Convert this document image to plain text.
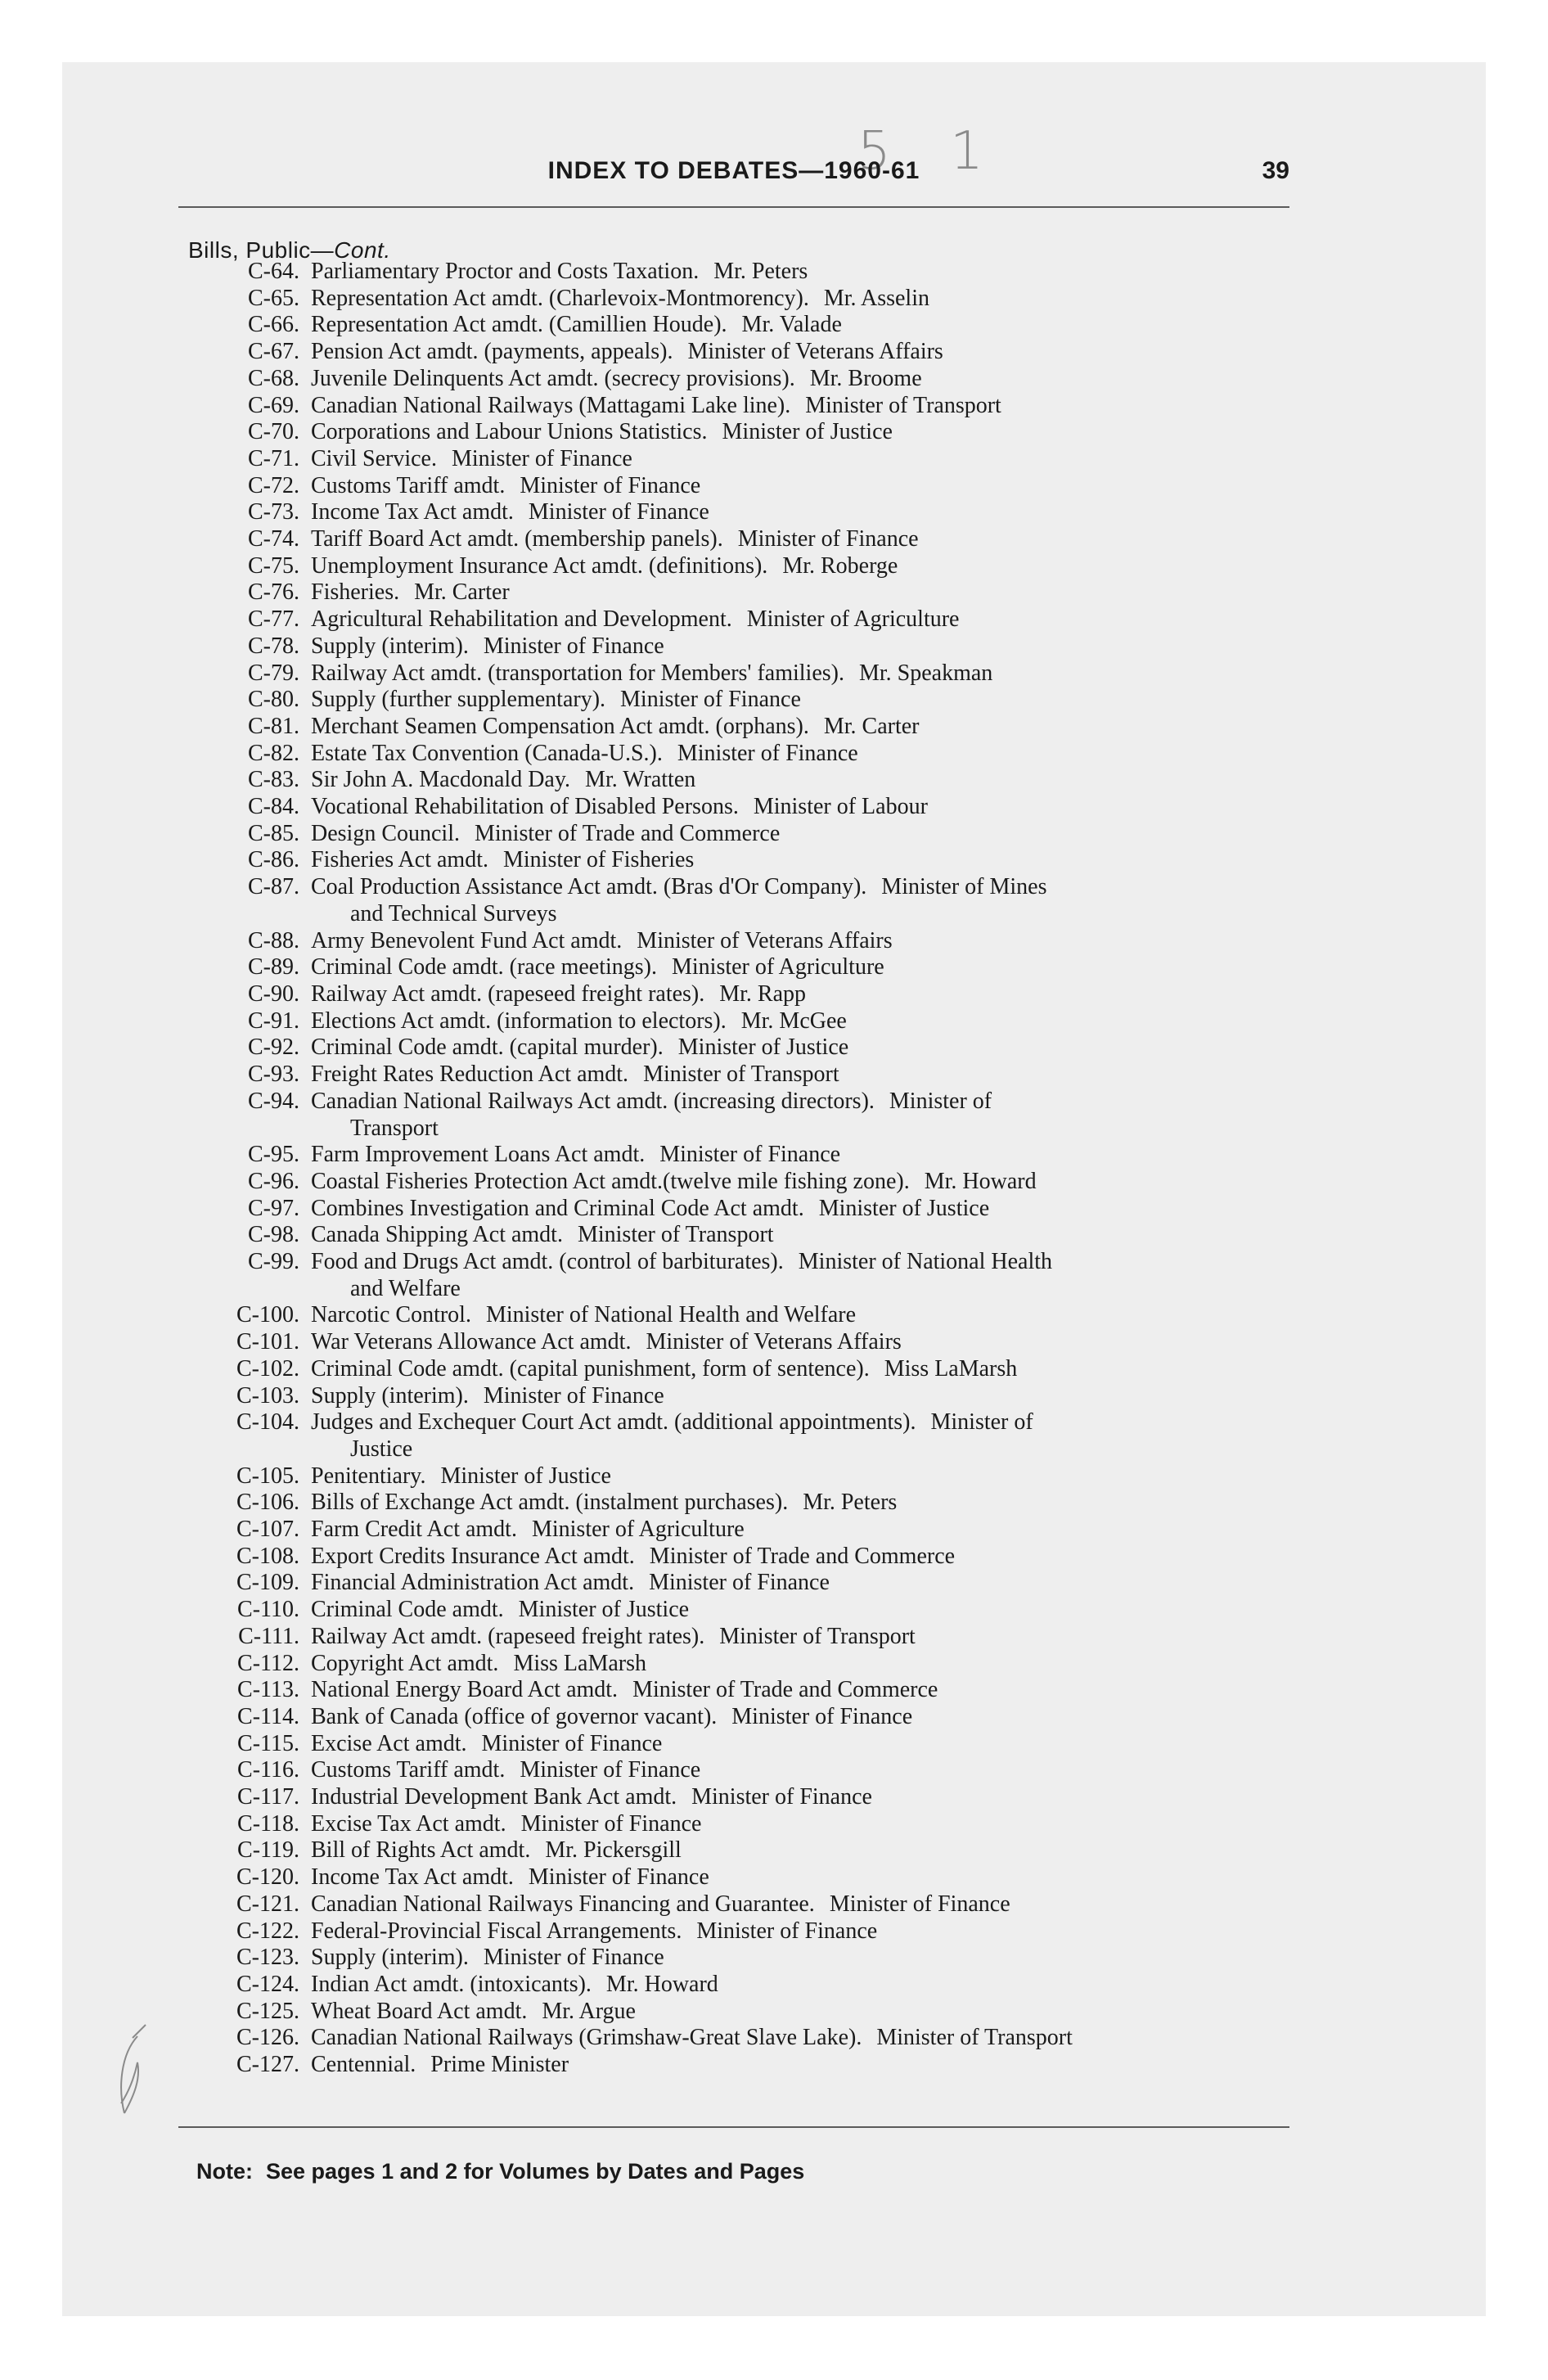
5 1
INDEX TO DEBATES—1960-61	39
Bills, Public—Cont.
C-64. Parliamentary Proctor and Costs Taxation. Mr. Peters
C-65. Representation Act amdt. (Charlevoix-Montmorency). Mr. Asselin
C-66. Representation Act amdt. (Camillien Houde). Mr. Valade
C-67. Pension Act amdt. (payments, appeals). Minister of Veterans Affairs
C-68. Juvenile Delinquents Act amdt. (secrecy provisions). Mr. Broome
C-69. Canadian National Railways (Mattagami Lake line). Minister of Transport
C-70. Corporations and Labour Unions Statistics. Minister of Justice
C-71. Civil Service. Minister of Finance
C-72. Customs Tariff amdt. Minister of Finance
C-73. Income Tax Act amdt. Minister of Finance
C-74. Tariff Board Act amdt. (membership panels). Minister of Finance
C-75. Unemployment Insurance Act amdt. (definitions). Mr. Roberge
C-76. Fisheries. Mr. Carter
C-77. Agricultural Rehabilitation and Development. Minister of Agriculture
C-78. Supply (interim). Minister of Finance
C-79. Railway Act amdt. (transportation for Members' families). Mr. Speakman
C-80. Supply (further supplementary). Minister of Finance
C-81. Merchant Seamen Compensation Act amdt. (orphans). Mr. Carter
C-82. Estate Tax Convention (Canada-U.S.). Minister of Finance
C-83. Sir John A. Macdonald Day. Mr. Wratten
C-84. Vocational Rehabilitation of Disabled Persons. Minister of Labour
C-85. Design Council. Minister of Trade and Commerce
C-86. Fisheries Act amdt. Minister of Fisheries
C-87. Coal Production Assistance Act amdt. (Bras d'Or Company). Minister of Mines
and Technical Surveys
C-88. Army Benevolent Fund Act amdt. Minister of Veterans Affairs
C-89. Criminal Code amdt. (race meetings). Minister of Agriculture
C-90. Railway Act amdt. (rapeseed freight rates). Mr. Rapp
C-91. Elections Act amdt. (information to electors). Mr. McGee
C-92. Criminal Code amdt. (capital murder). Minister of Justice
C-93. Freight Rates Reduction Act amdt. Minister of Transport
C-94. Canadian National Railways Act amdt. (increasing directors). Minister of
Transport
C-95. Farm Improvement Loans Act amdt. Minister of Finance
C-96. Coastal Fisheries Protection Act amdt.(twelve mile fishing zone). Mr. Howard
C-97. Combines Investigation and Criminal Code Act amdt. Minister of Justice
C-98. Canada Shipping Act amdt. Minister of Transport
C-99. Food and Drugs Act amdt. (control of barbiturates). Minister of National Health
and Welfare
C-100. Narcotic Control. Minister of National Health and Welfare
C-101. War Veterans Allowance Act amdt. Minister of Veterans Affairs
C-102. Criminal Code amdt. (capital punishment, form of sentence). Miss LaMarsh
C-103. Supply (interim). Minister of Finance
C-104. Judges and Exchequer Court Act amdt. (additional appointments). Minister of
Justice
C-105. Penitentiary. Minister of Justice
C-106. Bills of Exchange Act amdt. (instalment purchases). Mr. Peters
C-107. Farm Credit Act amdt. Minister of Agriculture
C-108. Export Credits Insurance Act amdt. Minister of Trade and Commerce
C-109. Financial Administration Act amdt. Minister of Finance
C-110. Criminal Code amdt. Minister of Justice
C-111. Railway Act amdt. (rapeseed freight rates). Minister of Transport
C-112. Copyright Act amdt. Miss LaMarsh
C-113. National Energy Board Act amdt. Minister of Trade and Commerce
C-114. Bank of Canada (office of governor vacant). Minister of Finance
C-115. Excise Act amdt. Minister of Finance
C-116. Customs Tariff amdt. Minister of Finance
C-117. Industrial Development Bank Act amdt. Minister of Finance
C-118. Excise Tax Act amdt. Minister of Finance
C-119. Bill of Rights Act amdt. Mr. Pickersgill
C-120. Income Tax Act amdt. Minister of Finance
C-121. Canadian National Railways Financing and Guarantee. Minister of Finance
C-122. Federal-Provincial Fiscal Arrangements. Minister of Finance
C-123. Supply (interim). Minister of Finance
C-124. Indian Act amdt. (intoxicants). Mr. Howard
C-125. Wheat Board Act amdt. Mr. Argue
C-126. Canadian National Railways (Grimshaw-Great Slave Lake). Minister of Transport
C-127. Centennial. Prime Minister
Note: See pages 1 and 2 for Volumes by Dates and Pages
